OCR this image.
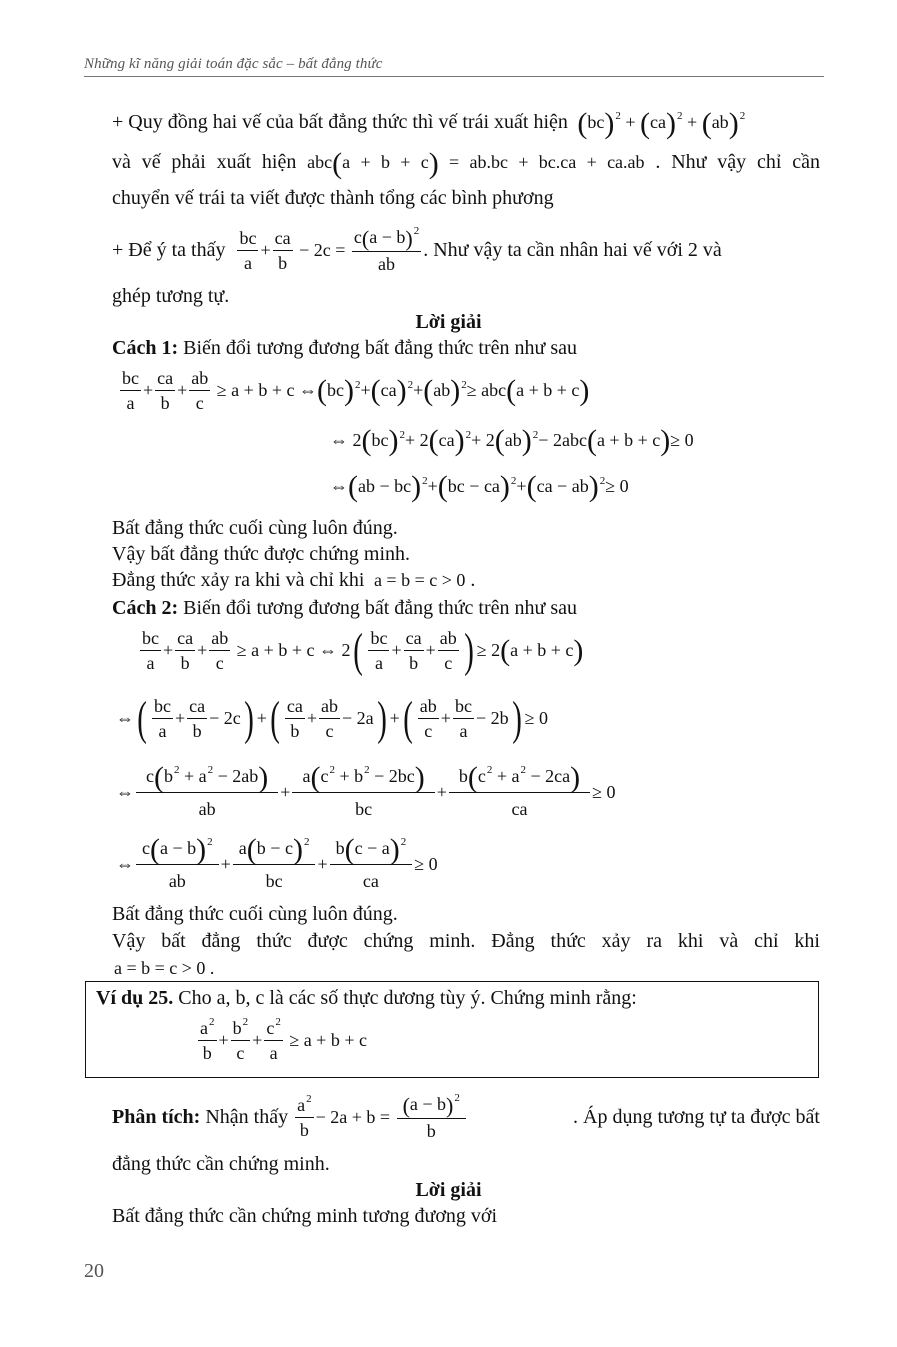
Những kĩ năng giải toán đặc sắc – bất đẳng thức
+ Quy đồng hai vế của bất đẳng thức thì vế trái xuất hiện (bc)$^2$ + (ca)$^2$ + (ab)$^2$
và vế phải xuất hiện abc(a + b + c) = ab.bc + bc.ca + ca.ab . Như vậy chỉ cần
chuyển vế trái ta viết được thành tổng các bình phương
+ Để ý ta thấy
$\frac{bc}{a} + \frac{ca}{b} - 2c = \frac{c(a - b)^2}{ab}$ . Như vậy ta cần nhân hai vế với 2 và
ghép tương tự.
Lời giải
Cách 1: Biến đổi tương đương bất đẳng thức trên như sau
$\frac{bc}{a} + \frac{ca}{b} + \frac{ab}{c} \ge a + b + c$ ⇔ ( bc )$^2$ + ( ca )$^2$ + ( ab )$^2$ ≥ abc ( a + b + c )
⇔ 2 ( bc )$^2$ + 2 ( ca )$^2$ + 2 ( ab )$^2$ − 2abc ( a + b + c ) ≥ 0
⇔ ( ab − bc )$^2$ + ( bc − ca )$^2$ + ( ca − ab )$^2$ ≥ 0
Bất đẳng thức cuối cùng luôn đúng.
Vậy bất đẳng thức được chứng minh.
Đẳng thức xảy ra khi và chỉ khi  a = b = c > 0 .
Cách 2: Biến đổi tương đương bất đẳng thức trên như sau
$\frac{bc}{a} + \frac{ca}{b} + \frac{ab}{c} \ge a + b + c$ ⇔ 2 ( $\frac{bc}{a} + \frac{ca}{b} + \frac{ab}{c}$ ) ≥ 2 ( a + b + c )
⇔ ( $\frac{bc}{a} + \frac{ca}{b} - 2c$ ) + ( $\frac{ca}{b} + \frac{ab}{c} - 2a$ ) + ( $\frac{ab}{c} + \frac{bc}{a} - 2b$ ) ≥ 0
⇔ $\frac{c(b^2 + a^2 - 2ab)}{ab} + \frac{a(c^2 + b^2 - 2bc)}{bc} + \frac{b(c^2 + a^2 - 2ca)}{ca} \ge 0$
⇔ $\frac{c(a - b)^2}{ab} + \frac{a(b - c)^2}{bc} + \frac{b(c - a)^2}{ca} \ge 0$
Bất đẳng thức cuối cùng luôn đúng.
Vậy bất đẳng thức được chứng minh. Đẳng thức xảy ra khi và chỉ khi
a = b = c > 0 .
Ví dụ 25. Cho a, b, c là các số thực dương tùy ý. Chứng minh rằng:
$\frac{a^2}{b} + \frac{b^2}{c} + \frac{c^2}{a} \ge a + b + c$
Phân tích:
Nhận thấy
$\frac{a^2}{b} - 2a + b = \frac{(a - b)^2}{b}$	. Áp dụng tương tự ta được bất
đẳng thức cần chứng minh.
Lời giải
Bất đẳng thức cần chứng minh tương đương với
20
